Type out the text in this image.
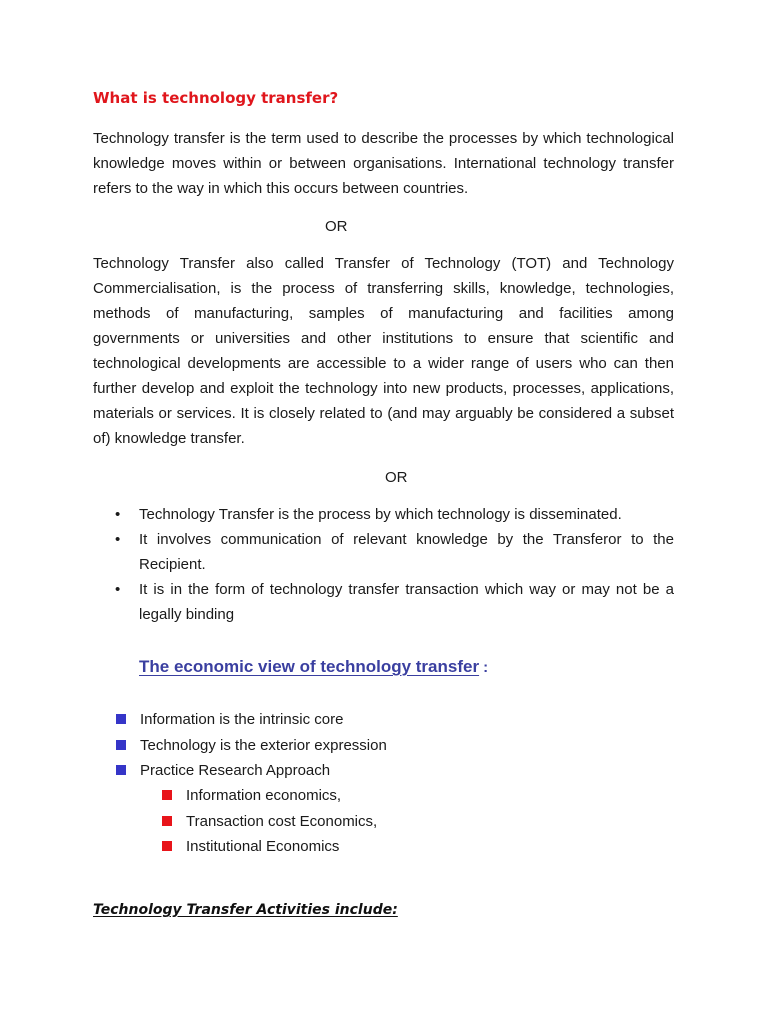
What is technology transfer?

Technology transfer is the term used to describe the processes by which technological knowledge moves within or between organisations. International technology transfer refers to the way in which this occurs between countries.

OR

Technology Transfer also called Transfer of Technology (TOT) and Technology Commercialisation, is the process of transferring skills, knowledge, technologies, methods of manufacturing, samples of manufacturing and facilities among governments or universities and other institutions to ensure that scientific and technological developments are accessible to a wider range of users who can then further develop and exploit the technology into new products, processes, applications, materials or services. It is closely related to (and may arguably be considered a subset of) knowledge transfer.

OR
• Technology Transfer is the process by which technology is disseminated.
• It involves communication of relevant knowledge by the Transferor to the Recipient.
• It is in the form of technology transfer transaction which way or may not be a legally binding
The economic view of technology transfer :
Information is the intrinsic core
Technology is the exterior expression
Practice Research Approach
Information economics,
Transaction cost Economics,
Institutional Economics
Technology Transfer Activities include:
